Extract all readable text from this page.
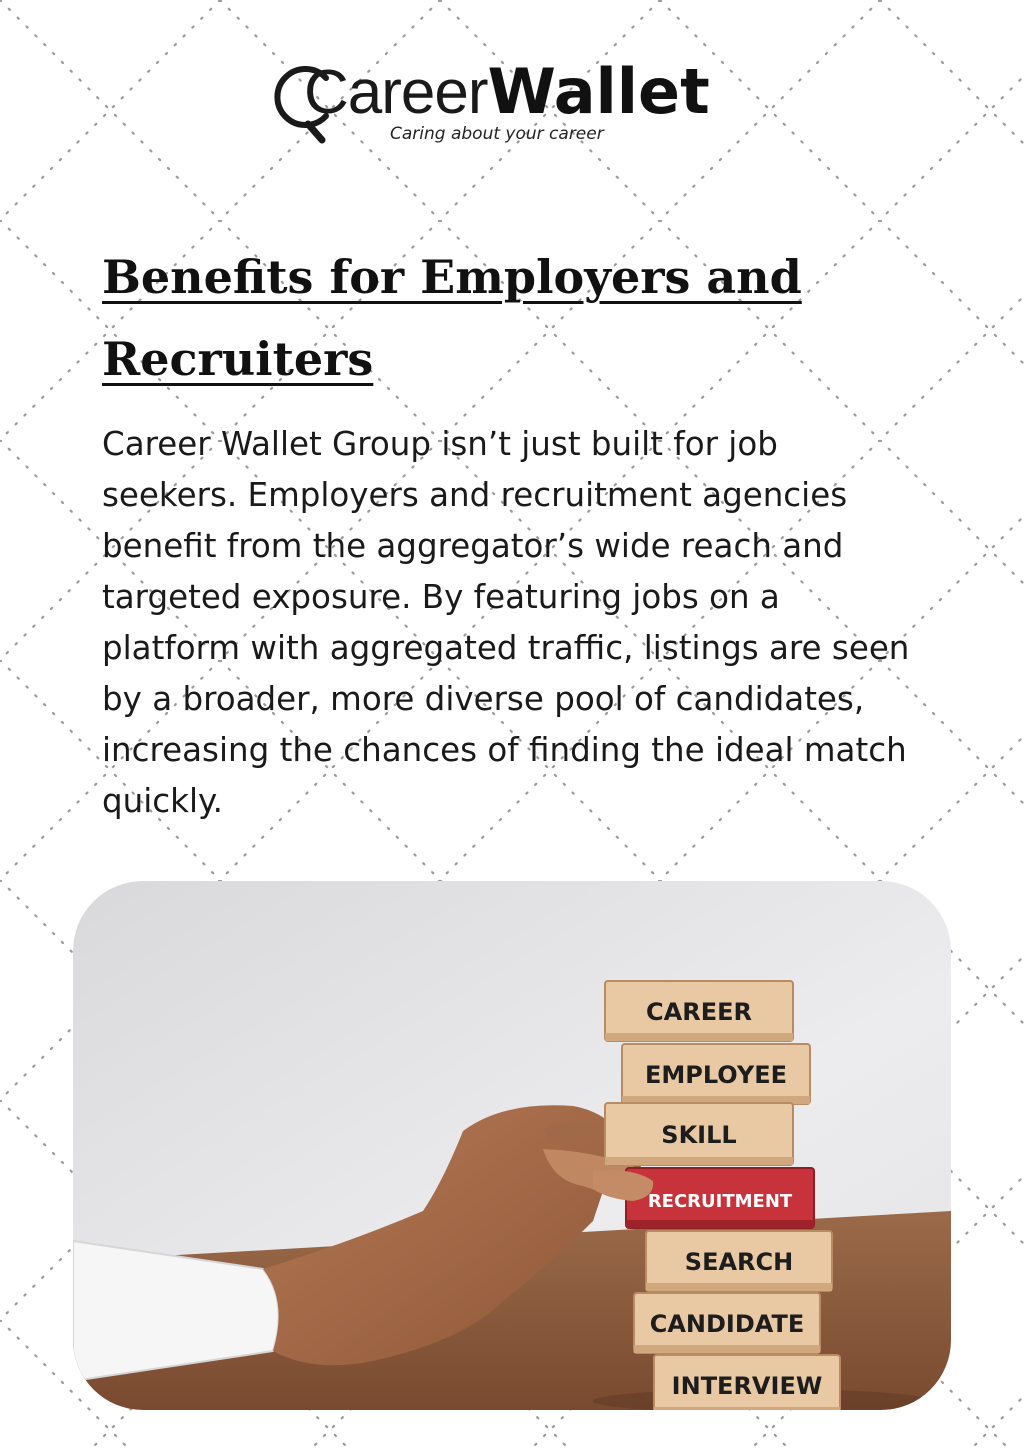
CareerWallet
Caring about your career
Benefits for Employers and Recruiters

Career Wallet Group isn’t just built for job seekers. Employers and recruitment agencies benefit from the aggregator’s wide reach and targeted exposure. By featuring jobs on a platform with aggregated traffic, listings are seen by a broader, more diverse pool of candidates, increasing the chances of finding the ideal match quickly.

CAREER
EMPLOYEE
SKILL
RECRUITMENT
SEARCH
CANDIDATE
INTERVIEW
